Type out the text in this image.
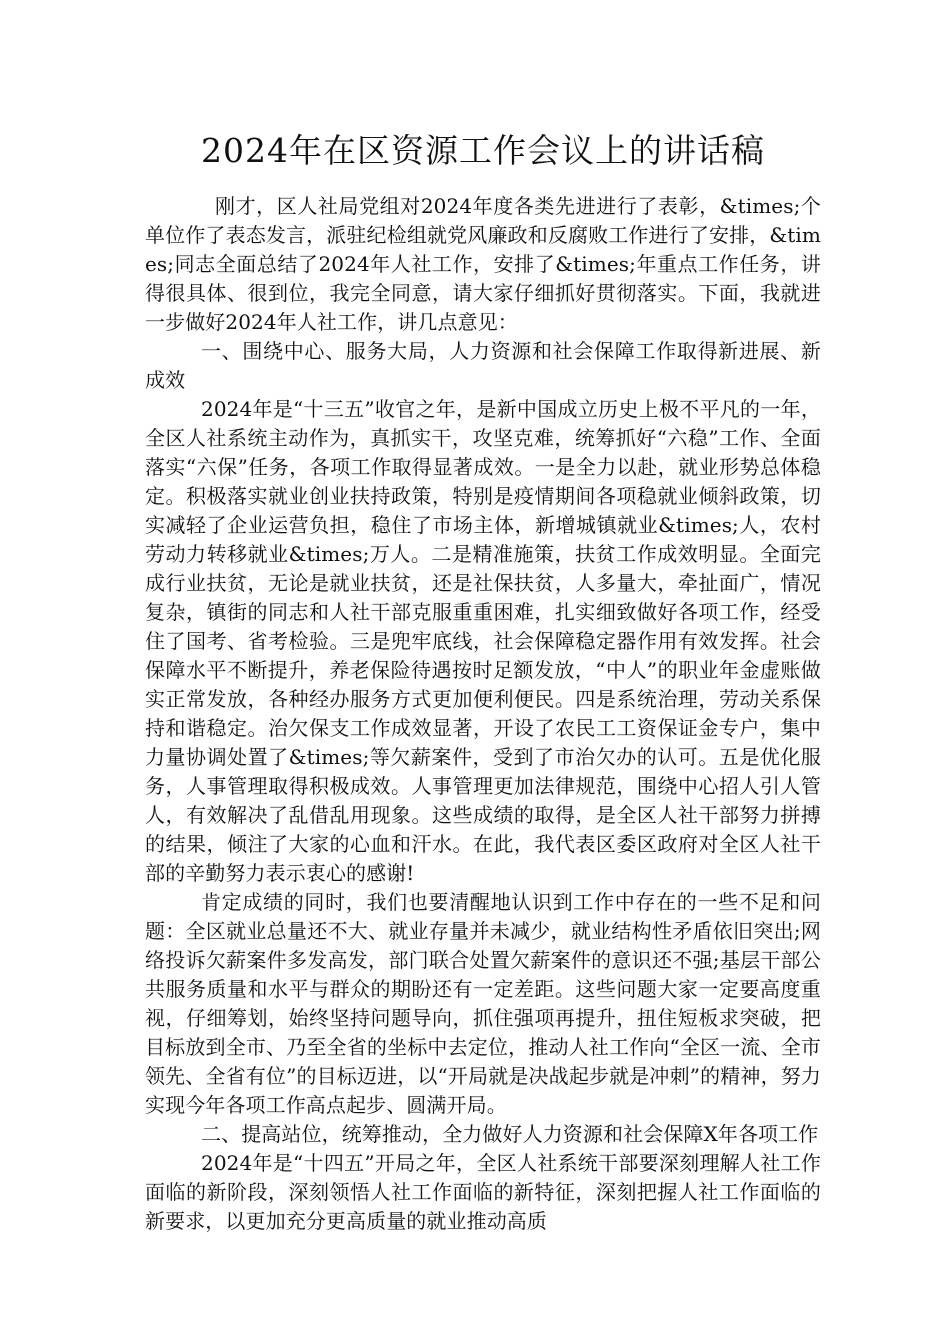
2024年在区资源工作会议上的讲话稿

刚才，区人社局党组对2024年度各类先进进行了表彰，&times;个单位作了表态发言，派驻纪检组就党风廉政和反腐败工作进行了安排，&times;同志全面总结了2024年人社工作，安排了&times;年重点工作任务，讲得很具体、很到位，我完全同意，请大家仔细抓好贯彻落实。下面，我就进一步做好2024年人社工作，讲几点意见：

一、围绕中心、服务大局，人力资源和社会保障工作取得新进展、新成效

2024年是“十三五”收官之年，是新中国成立历史上极不平凡的一年，全区人社系统主动作为，真抓实干，攻坚克难，统筹抓好“六稳”工作、全面落实“六保”任务，各项工作取得显著成效。一是全力以赴，就业形势总体稳定。积极落实就业创业扶持政策，特别是疫情期间各项稳就业倾斜政策，切实减轻了企业运营负担，稳住了市场主体，新增城镇就业&times;人，农村劳动力转移就业&times;万人。二是精准施策，扶贫工作成效明显。全面完成行业扶贫，无论是就业扶贫，还是社保扶贫，人多量大，牵扯面广，情况复杂，镇街的同志和人社干部克服重重困难，扎实细致做好各项工作，经受住了国考、省考检验。三是兜牢底线，社会保障稳定器作用有效发挥。社会保障水平不断提升，养老保险待遇按时足额发放，“中人”的职业年金虚账做实正常发放，各种经办服务方式更加便利便民。四是系统治理，劳动关系保持和谐稳定。治欠保支工作成效显著，开设了农民工工资保证金专户，集中力量协调处置了&times;等欠薪案件，受到了市治欠办的认可。五是优化服务，人事管理取得积极成效。人事管理更加法律规范，围绕中心招人引人管人，有效解决了乱借乱用现象。这些成绩的取得，是全区人社干部努力拼搏的结果，倾注了大家的心血和汗水。在此，我代表区委区政府对全区人社干部的辛勤努力表示衷心的感谢!

肯定成绩的同时，我们也要清醒地认识到工作中存在的一些不足和问题：全区就业总量还不大、就业存量并未减少，就业结构性矛盾依旧突出;网络投诉欠薪案件多发高发，部门联合处置欠薪案件的意识还不强;基层干部公共服务质量和水平与群众的期盼还有一定差距。这些问题大家一定要高度重视，仔细筹划，始终坚持问题导向，抓住强项再提升，扭住短板求突破，把目标放到全市、乃至全省的坐标中去定位，推动人社工作向“全区一流、全市领先、全省有位”的目标迈进，以“开局就是决战起步就是冲刺”的精神，努力实现今年各项工作高点起步、圆满开局。

二、提高站位，统筹推动，全力做好人力资源和社会保障X年各项工作

2024年是“十四五”开局之年，全区人社系统干部要深刻理解人社工作面临的新阶段，深刻领悟人社工作面临的新特征，深刻把握人社工作面临的新要求，以更加充分更高质量的就业推动高质
